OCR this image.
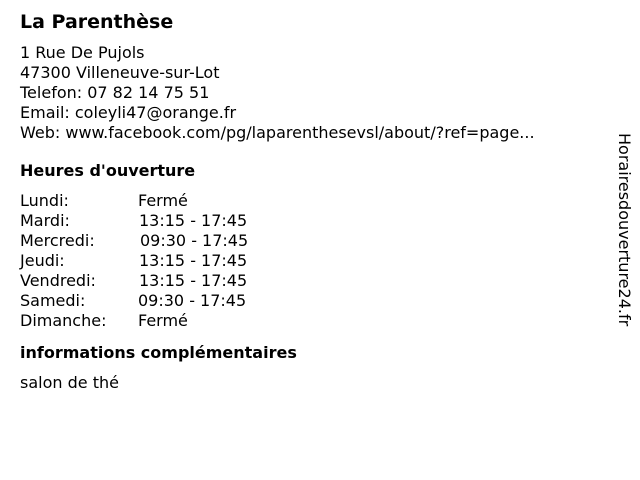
La Parenthèse
1 Rue De Pujols
47300 Villeneuve-sur-Lot
Telefon: 07 82 14 75 51
Email: coleyli47@orange.fr
Web: www.facebook.com/pg/laparenthesevsl/about/?ref=page...
Heures d'ouverture
Lundi:	Fermé
Mardi:	13:15 - 17:45
Mercredi:	09:30 - 17:45
Jeudi:	13:15 - 17:45
Vendredi:	13:15 - 17:45
Samedi:	09:30 - 17:45
Dimanche:	Fermé
informations complémentaires
salon de thé
Horairesdouverture24.fr
